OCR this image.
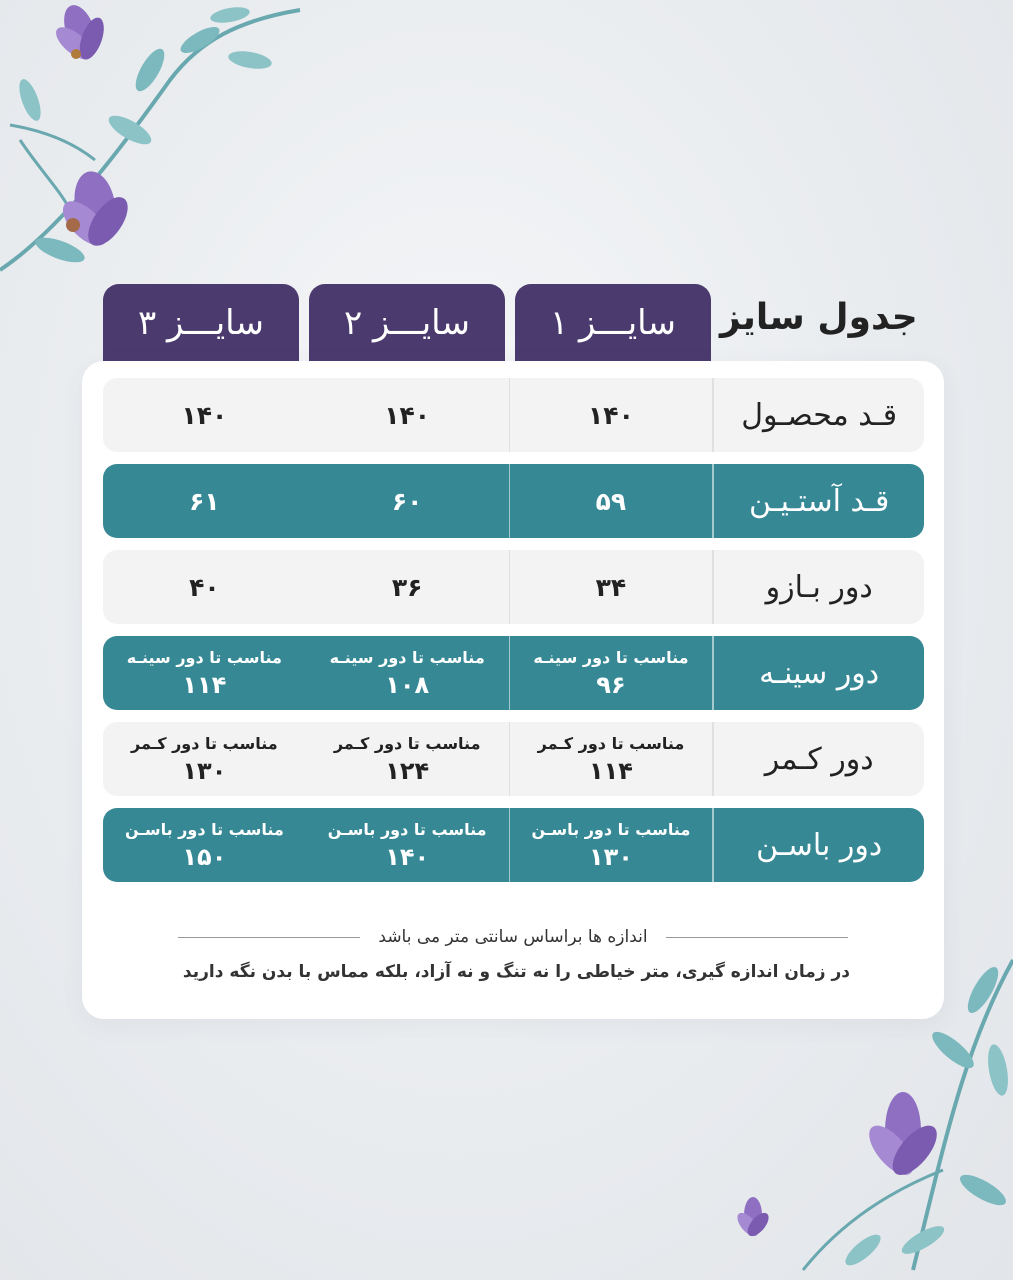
جدول سایز
سایـــز ۱
سایـــز ۲
سایـــز ۳
قـد محصـول
۱۴۰
۱۴۰
۱۴۰
قـد آستـیـن
۵۹
۶۰
۶۱
دور بـازو
۳۴
۳۶
۴۰
دور سینـه
مناسب تا دور سینـه
۹۶
مناسب تا دور سینـه
۱۰۸
مناسب تا دور سینـه
۱۱۴
دور کـمر
مناسب تا دور کـمر
۱۱۴
مناسب تا دور کـمر
۱۲۴
مناسب تا دور کـمر
۱۳۰
دور باسـن
مناسب تا دور باسـن
۱۳۰
مناسب تا دور باسـن
۱۴۰
مناسب تا دور باسـن
۱۵۰
اندازه ها براساس سانتی متر می باشد
در زمان اندازه گیری، متر خیاطی را نه تنگ و نه آزاد، بلکه مماس با بدن نگه دارید
